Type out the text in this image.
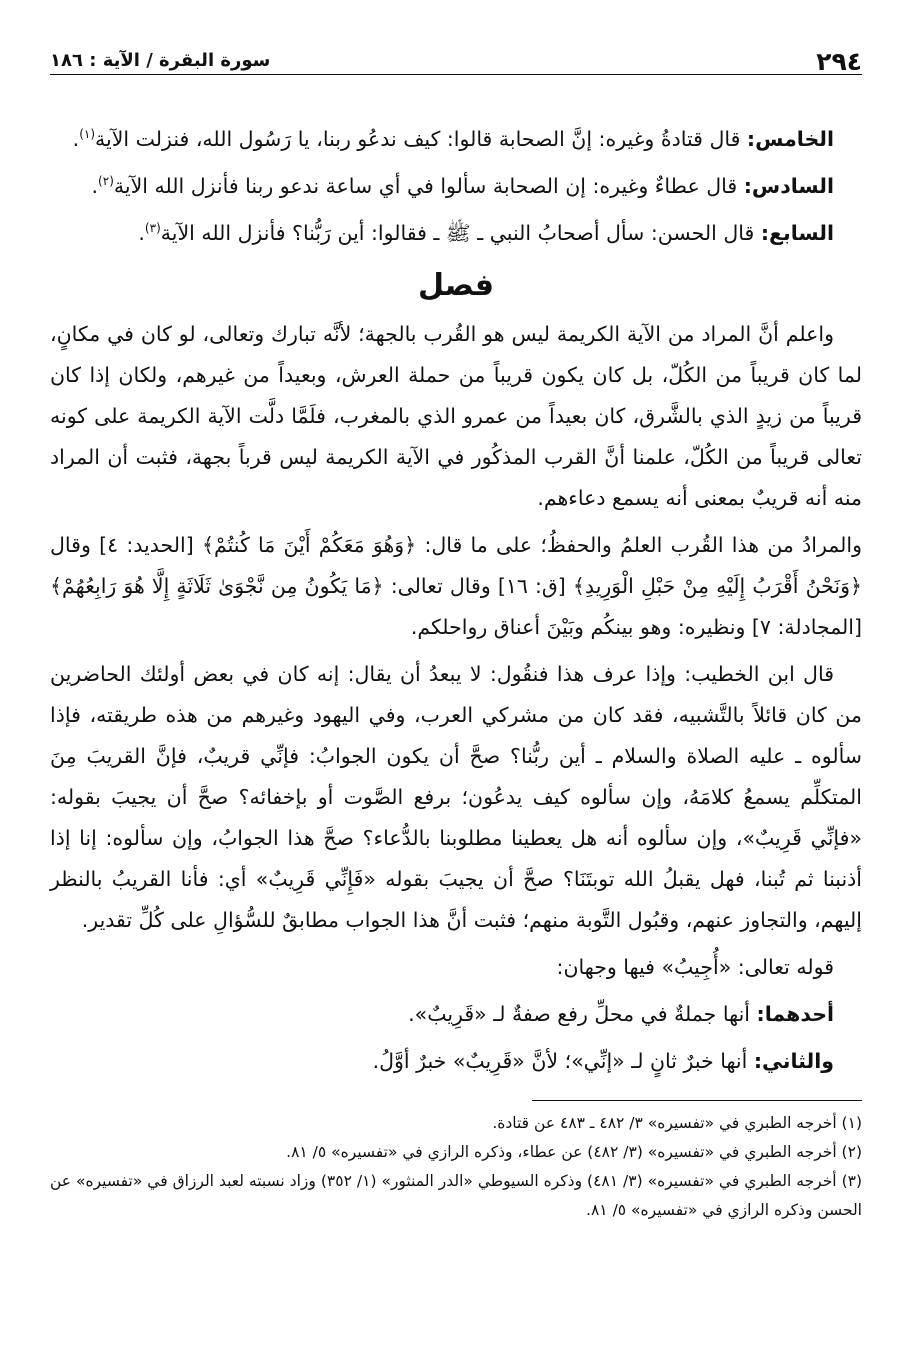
٢٩٤
سورة البقرة / الآية : ١٨٦

الخامس: قال قتادةُ وغيره: إنَّ الصحابة قالوا: كيف ندعُو ربنا، يا رَسُول الله، فنزلت الآية$^{(١)}$.

السادس: قال عطاءٌ وغيره: إن الصحابة سألوا في أي ساعة ندعو ربنا فأنزل الله الآية$^{(٢)}$.

السابع: قال الحسن: سأل أصحابُ النبي ـ ﷺ ـ فقالوا: أين رَبُّنا؟ فأنزل الله الآية$^{(٣)}$.

فصل

واعلم أنَّ المراد من الآية الكريمة ليس هو القُرب بالجهة؛ لأنَّه تبارك وتعالى، لو كان في مكانٍ، لما كان قريباً من الكُلّ، بل كان يكون قريباً من حملة العرش، وبعيداً من غيرهم، ولكان إذا كان قريباً من زيدٍ الذي بالشَّرق، كان بعيداً من عمرو الذي بالمغرب، فلَمَّا دلَّت الآية الكريمة على كونه تعالى قريباً من الكُلّ، علمنا أنَّ القرب المذكُور في الآية الكريمة ليس قرباً بجهة، فثبت أن المراد منه أنه قريبٌ بمعنى أنه يسمع دعاءهم.

والمرادُ من هذا القُرب العلمُ والحفظُ؛ على ما قال: ﴿وَهُوَ مَعَكُمْ أَيْنَ مَا كُنتُمْ﴾ [الحديد: ٤] وقال ﴿وَنَحْنُ أَقْرَبُ إِلَيْهِ مِنْ حَبْلِ الْوَرِيدِ﴾ [ق: ١٦] وقال تعالى: ﴿مَا يَكُونُ مِن نَّجْوَىٰ ثَلَاثَةٍ إِلَّا هُوَ رَابِعُهُمْ﴾ [المجادلة: ٧] ونظيره: وهو بينكُم وبَيْنَ أعناق رواحلكم.

قال ابن الخطيب: وإذا عرف هذا فنقُول: لا يبعدُ أن يقال: إنه كان في بعض أولئك الحاضرين من كان قائلاً بالتَّشبيه، فقد كان من مشركي العرب، وفي اليهود وغيرهم من هذه طريقته، فإذا سألوه ـ عليه الصلاة والسلام ـ أين ربُّنا؟ صحَّ أن يكون الجوابُ: فإنِّي قريبٌ، فإنَّ القريبَ مِنَ المتكلِّم يسمعُ كلامَهُ، وإن سألوه كيف يدعُون؛ برفع الصَّوت أو بإخفائه؟ صحَّ أن يجيبَ بقوله: «فإنِّي قَرِيبٌ»، وإن سألوه أنه هل يعطينا مطلوبنا بالدُّعاء؟ صحَّ هذا الجوابُ، وإن سألوه: إنا إذا أذنبنا ثم تُبنا، فهل يقبلُ الله توبتَنَا؟ صحَّ أن يجيبَ بقوله «فَإِنِّي قَرِيبٌ» أي: فأنا القريبُ بالنظر إليهم، والتجاوز عنهم، وقبُول التَّوبة منهم؛ فثبت أنَّ هذا الجواب مطابقٌ للسُّؤالِ على كُلِّ تقدير.

قوله تعالى: «أُجِيبُ» فيها وجهان:

أحدهما: أنها جملةٌ في محلِّ رفع صفةٌ لـ «قَرِيبٌ».

والثاني: أنها خبرٌ ثانٍ لـ «إنِّي»؛ لأنَّ «قَرِيبٌ» خبرٌ أوَّلُ.

(١) أخرجه الطبري في «تفسيره» ٣/ ٤٨٢ ـ ٤٨٣ عن قتادة.

(٢) أخرجه الطبري في «تفسيره» (٣/ ٤٨٢) عن عطاء، وذكره الرازي في «تفسيره» ٥/ ٨١.

(٣) أخرجه الطبري في «تفسيره» (٣/ ٤٨١) وذكره السيوطي «الدر المنثور» (١/ ٣٥٢) وزاد نسبته لعبد الرزاق في «تفسيره» عن الحسن وذكره الرازي في «تفسيره» ٥/ ٨١.
